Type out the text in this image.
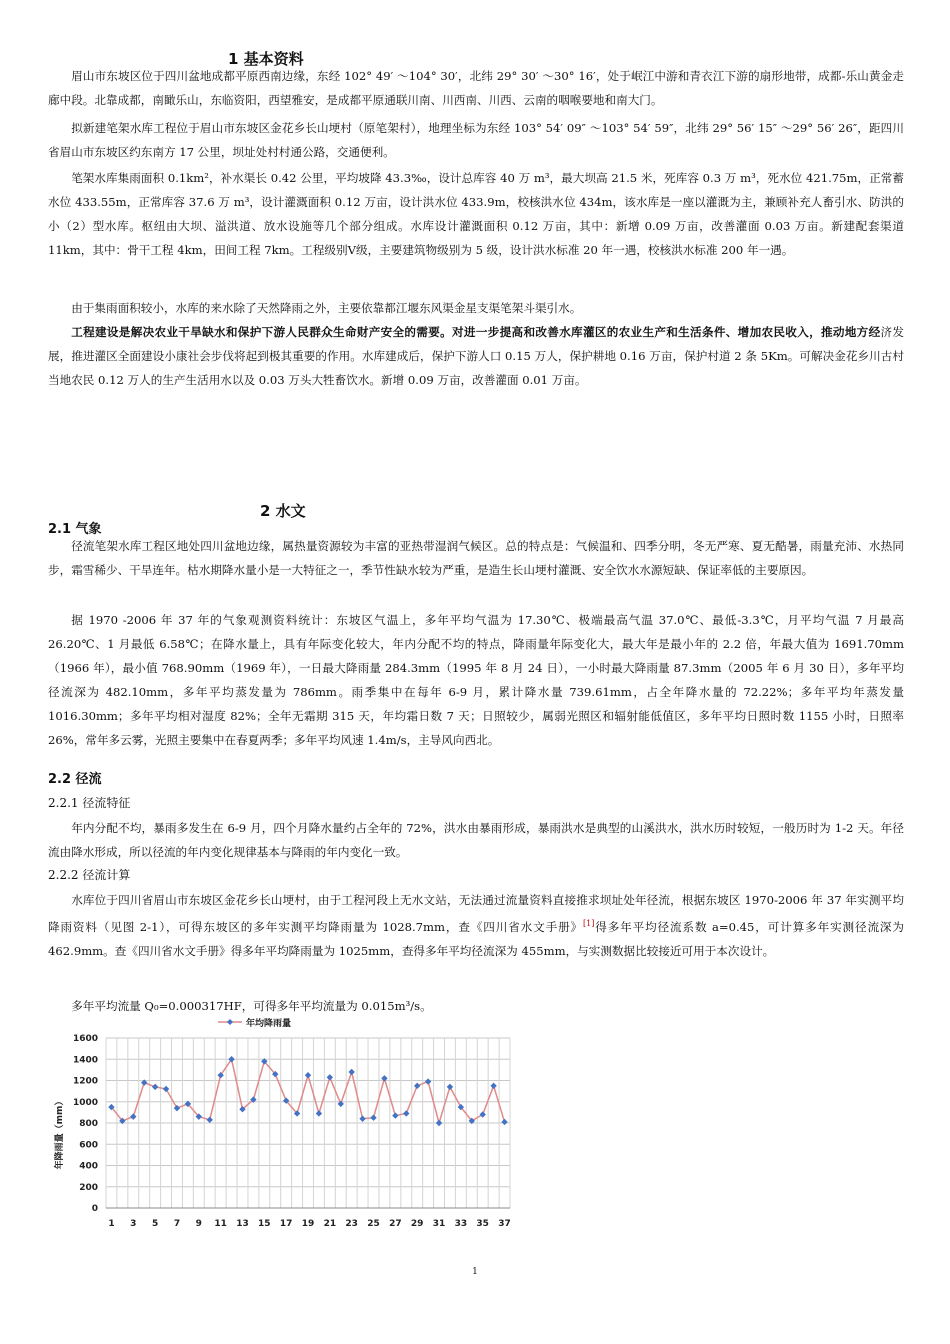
1 基本资料

眉山市东坡区位于四川盆地成都平原西南边缘，东经 102° 49′ ～104° 30′，北纬 29° 30′ ～30° 16′，处于岷江中游和青衣江下游的扇形地带，成都-乐山黄金走廊中段。北靠成都，南瞰乐山，东临资阳，西望雅安，是成都平原通联川南、川西南、川西、云南的咽喉要地和南大门。

拟新建笔架水库工程位于眉山市东坡区金花乡长山埂村（原笔架村），地理坐标为东经 103° 54′ 09″ ～103° 54′ 59″，北纬 29° 56′ 15″ ～29° 56′ 26″，距四川省眉山市东坡区约东南方 17 公里，坝址处村村通公路，交通便利。

笔架水库集雨面积 0.1km²，补水渠长 0.42 公里，平均坡降 43.3‰，设计总库容 40 万 m³，最大坝高 21.5 米，死库容 0.3 万 m³，死水位 421.75m，正常蓄水位 433.55m，正常库容 37.6 万 m³，设计灌溉面积 0.12 万亩，设计洪水位 433.9m，校核洪水位 434m，该水库是一座以灌溉为主，兼顾补充人畜引水、防洪的小（2）型水库。枢纽由大坝、溢洪道、放水设施等几个部分组成。水库设计灌溉面积 0.12 万亩，其中：新增 0.09 万亩，改善灌面 0.03 万亩。新建配套渠道 11km，其中：骨干工程 4km，田间工程 7km。工程级别Ⅴ级，主要建筑物级别为 5 级，设计洪水标准 20 年一遇，校核洪水标准 200 年一遇。

由于集雨面积较小，水库的来水除了天然降雨之外，主要依靠都江堰东风渠金星支渠笔架斗渠引水。

工程建设是解决农业干旱缺水和保护下游人民群众生命财产安全的需要。对进一步提高和改善水库灌区的农业生产和生活条件、增加农民收入，推动地方经济发展，推进灌区全面建设小康社会步伐将起到极其重要的作用。水库建成后，保护下游人口 0.15 万人，保护耕地 0.16 万亩，保护村道 2 条 5Km。可解决金花乡川古村当地农民 0.12 万人的生产生活用水以及 0.03 万头大牲畜饮水。新增 0.09 万亩，改善灌面 0.01 万亩。

2 水文
2.1 气象

径流笔架水库工程区地处四川盆地边缘，属热量资源较为丰富的亚热带湿润气候区。总的特点是：气候温和、四季分明，冬无严寒、夏无酷暑，雨量充沛、水热同步，霜雪稀少、干旱连年。枯水期降水量小是一大特征之一，季节性缺水较为严重，是造生长山埂村灌溉、安全饮水水源短缺、保证率低的主要原因。

据 1970 -2006 年 37 年的气象观测资料统计：东坡区气温上，多年平均气温为 17.30℃、极端最高气温 37.0℃、最低-3.3℃，月平均气温 7 月最高 26.20℃、1 月最低 6.58℃；在降水量上，具有年际变化较大，年内分配不均的特点，降雨量年际变化大，最大年是最小年的 2.2 倍，年最大值为 1691.70mm（1966 年），最小值 768.90mm（1969 年），一日最大降雨量 284.3mm（1995 年 8 月 24 日），一小时最大降雨量 87.3mm（2005 年 6 月 30 日），多年平均径流深为 482.10mm，多年平均蒸发量为 786mm。雨季集中在每年 6-9 月，累计降水量 739.61mm，占全年降水量的 72.22%；多年平均年蒸发量 1016.30mm；多年平均相对湿度 82%；全年无霜期 315 天，年均霜日数 7 天；日照较少，属弱光照区和辐射能低值区，多年平均日照时数 1155 小时，日照率 26%，常年多云雾，光照主要集中在春夏两季；多年平均风速 1.4m/s，主导风向西北。

2.2 径流
2.2.1 径流特征

年内分配不均，暴雨多发生在 6-9 月，四个月降水量约占全年的 72%，洪水由暴雨形成，暴雨洪水是典型的山溪洪水，洪水历时较短，一般历时为 1-2 天。年径流由降水形成，所以径流的年内变化规律基本与降雨的年内变化一致。

2.2.2 径流计算

水库位于四川省眉山市东坡区金花乡长山埂村，由于工程河段上无水文站，无法通过流量资料直接推求坝址处年径流，根据东坡区 1970-2006 年 37 年实测平均降雨资料（见图 2-1），可得东坡区的多年实测平均降雨量为 1028.7mm，查《四川省水文手册》[1]得多年平均径流系数 a=0.45，可计算多年实测径流深为 462.9mm。查《四川省水文手册》得多年平均降雨量为 1025mm，查得多年平均径流深为 455mm，与实测数据比较接近可用于本次设计。

多年平均流量 Q₀=0.000317HF，可得多年平均流量为 0.015m³/s。

0
200
400
600
800
1000
1200
1400
1600
1 3 5 7 9 11 13 15 17 19 21 23 25 27 29 31 33 35 37
年降雨量（mm）
年均降雨量
1
